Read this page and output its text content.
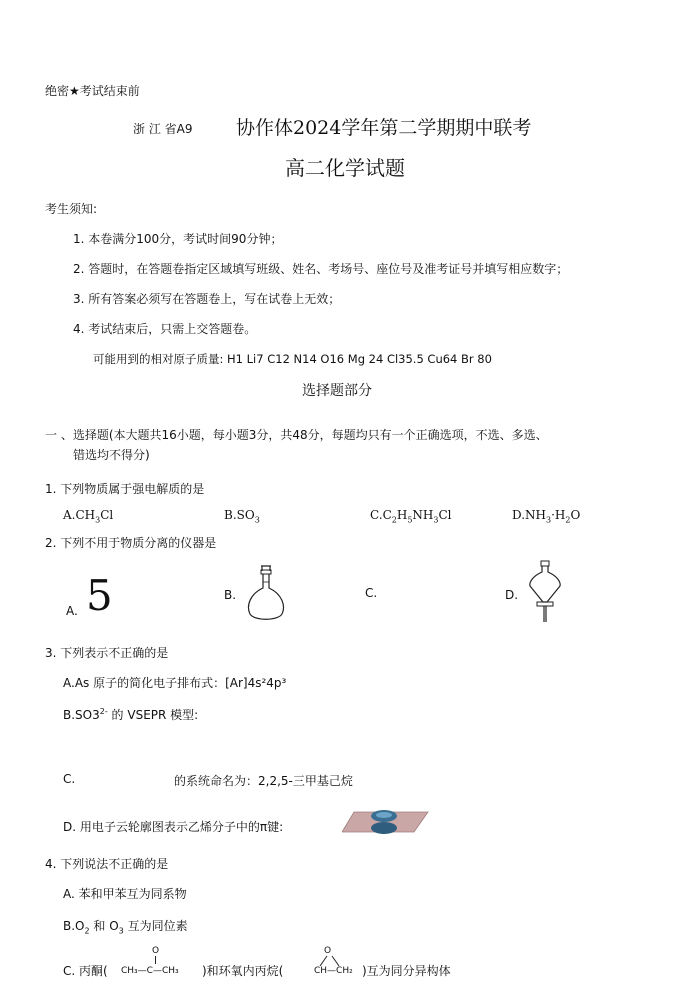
绝密★考试结束前
浙 江 省A9 协作体2024学年第二学期期中联考
高二化学试题
考生须知:
1. 本卷满分100分，考试时间90分钟；
2. 答题时，在答题卷指定区域填写班级、姓名、考场号、座位号及准考证号并填写相应数字；
3. 所有答案必须写在答题卷上，写在试卷上无效；
4. 考试结束后，只需上交答题卷。
可能用到的相对原子质量: H1 Li7 C12 N14 O16 Mg 24 Cl35.5 Cu64 Br 80
选择题部分
一 、选择题(本大题共16小题，每小题3分，共48分，每题均只有一个正确选项，不选、多选、
错选均不得分)
1. 下列物质属于强电解质的是
$A.CH_3Cl$	$B.SO_3$	$C.C_2H_5NH_3Cl$	$D.NH_3\cdot H_2O$
2. 下列不用于物质分离的仪器是
A. 5	B.	C.	D.
3. 下列表示不正确的是
A.As 原子的简化电子排布式：[Ar]4s²4p³
$B.SO3^{2-}$ 的 VSEPR 模型:
C.	的系统命名为：2,2,5-三甲基己烷
D. 用电子云轮廓图表示乙烯分子中的π键:
4. 下列说法不正确的是
A. 苯和甲苯互为同系物
$B.O_2$ 和 $O_3$ 互为同位素
C. 丙酮(
O
CH₃—C—CH₃ )和环氧内丙烷(
O
CH—CH₂ )互为同分异构体
